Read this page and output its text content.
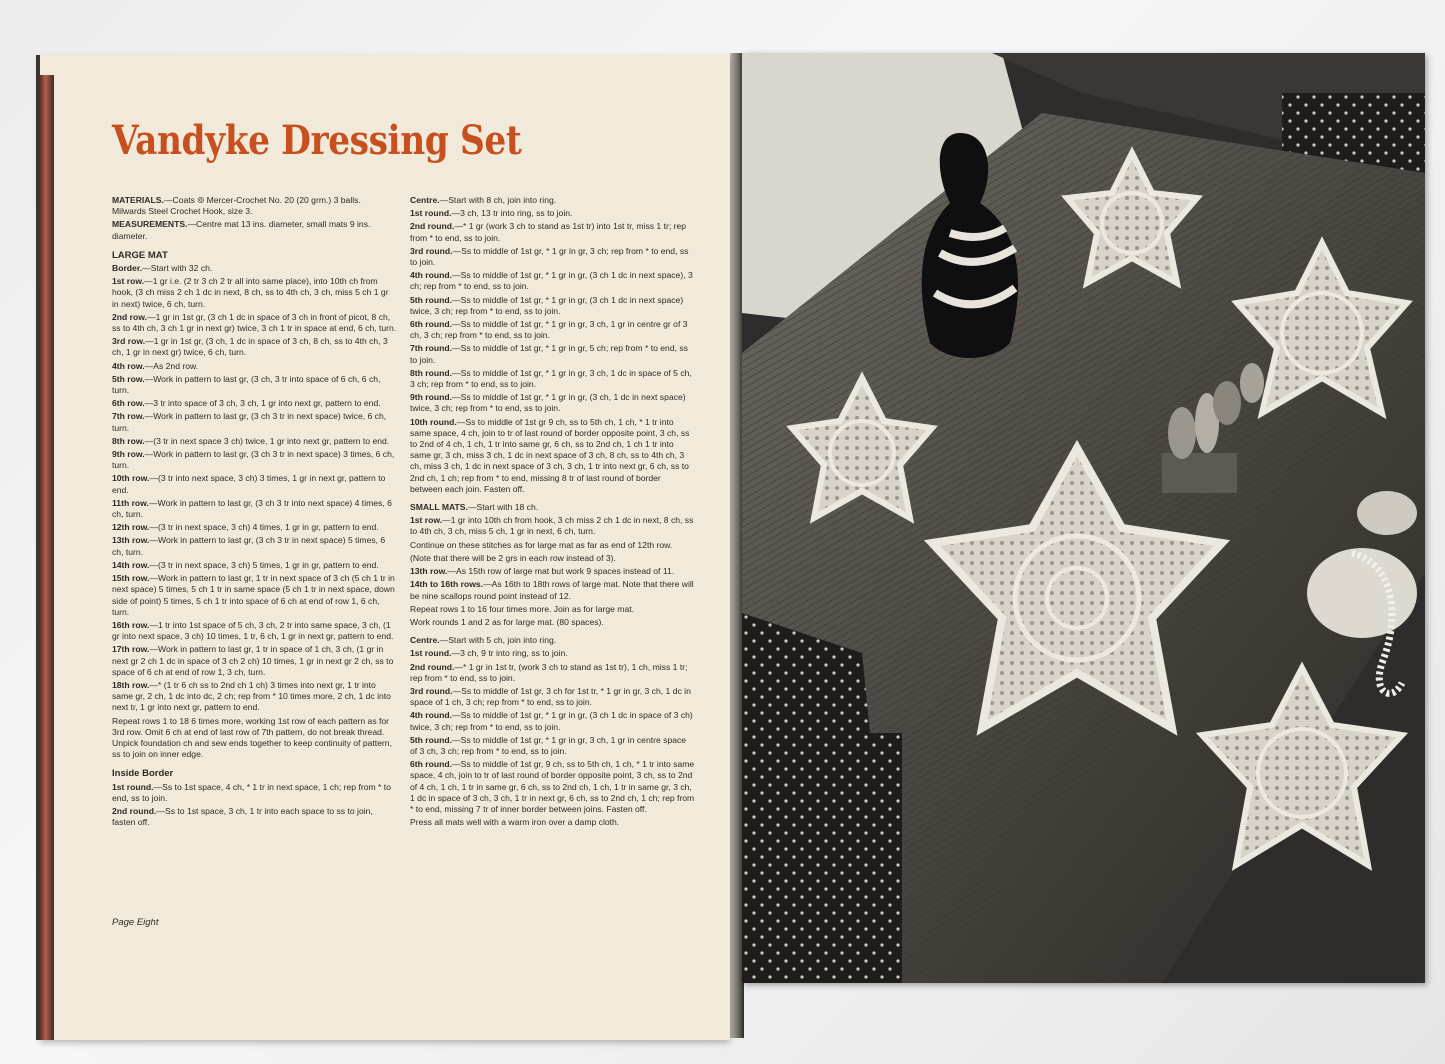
Vandyke Dressing Set

MATERIALS.—Coats ⦾ Mercer-Crochet No. 20 (20 grm.) 3 balls. Milwards Steel Crochet Hook, size 3.

MEASUREMENTS.—Centre mat 13 ins. diameter, small mats 9 ins. diameter.

LARGE MAT

Border.—Start with 32 ch.

1st row.—1 gr i.e. (2 tr 3 ch 2 tr all into same place), into 10th ch from hook, (3 ch miss 2 ch 1 dc in next, 8 ch, ss to 4th ch, 3 ch, miss 5 ch 1 gr in next) twice, 6 ch, turn.

2nd row.—1 gr in 1st gr, (3 ch 1 dc in space of 3 ch in front of picot, 8 ch, ss to 4th ch, 3 ch 1 gr in next gr) twice, 3 ch 1 tr in space at end, 6 ch, turn.

3rd row.—1 gr in 1st gr, (3 ch, 1 dc in space of 3 ch, 8 ch, ss to 4th ch, 3 ch, 1 gr in next gr) twice, 6 ch, turn.

4th row.—As 2nd row.

5th row.—Work in pattern to last gr, (3 ch, 3 tr into space of 6 ch, 6 ch, turn.

6th row.—3 tr into space of 3 ch, 3 ch, 1 gr into next gr, pattern to end.

7th row.—Work in pattern to last gr, (3 ch 3 tr in next space) twice, 6 ch, turn.

8th row.—(3 tr in next space 3 ch) twice, 1 gr into next gr, pattern to end.

9th row.—Work in pattern to last gr, (3 ch 3 tr in next space) 3 times, 6 ch, turn.

10th row.—(3 tr into next space, 3 ch) 3 times, 1 gr in next gr, pattern to end.

11th row.—Work in pattern to last gr, (3 ch 3 tr into next space) 4 times, 6 ch, turn.

12th row.—(3 tr in next space, 3 ch) 4 times, 1 gr in gr, pattern to end.

13th row.—Work in pattern to last gr, (3 ch 3 tr in next space) 5 times, 6 ch, turn.

14th row.—(3 tr in next space, 3 ch) 5 times, 1 gr in gr, pattern to end.

15th row.—Work in pattern to last gr, 1 tr in next space of 3 ch (5 ch 1 tr in next space) 5 times, 5 ch 1 tr in same space (5 ch 1 tr in next space, down side of point) 5 times, 5 ch 1 tr into space of 6 ch at end of row 1, 6 ch, turn.

16th row.—1 tr into 1st space of 5 ch, 3 ch, 2 tr into same space, 3 ch, (1 gr into next space, 3 ch) 10 times, 1 tr, 6 ch, 1 gr in next gr, pattern to end.

17th row.—Work in pattern to last gr, 1 tr in space of 1 ch, 3 ch, (1 gr in next gr 2 ch 1 dc in space of 3 ch 2 ch) 10 times, 1 gr in next gr 2 ch, ss to space of 6 ch at end of row 1, 3 ch, turn.

18th row.—* (1 tr 6 ch ss to 2nd ch 1 ch) 3 times into next gr, 1 tr into same gr, 2 ch, 1 dc into dc, 2 ch; rep from * 10 times more, 2 ch, 1 dc into next tr, 1 gr into next gr, pattern to end.

Repeat rows 1 to 18 6 times more, working 1st row of each pattern as for 3rd row. Omit 6 ch at end of last row of 7th pattern, do not break thread. Unpick foundation ch and sew ends together to keep continuity of pattern, ss to join on inner edge.

Inside Border

1st round.—Ss to 1st space, 4 ch, * 1 tr in next space, 1 ch; rep from * to end, ss to join.

2nd round.—Ss to 1st space, 3 ch, 1 tr into each space to ss to join, fasten off.

Centre.—Start with 8 ch, join into ring.

1st round.—3 ch, 13 tr into ring, ss to join.

2nd round.—* 1 gr (work 3 ch to stand as 1st tr) into 1st tr, miss 1 tr; rep from * to end, ss to join.

3rd round.—Ss to middle of 1st gr, * 1 gr in gr, 3 ch; rep from * to end, ss to join.

4th round.—Ss to middle of 1st gr, * 1 gr in gr, (3 ch 1 dc in next space), 3 ch; rep from * to end, ss to join.

5th round.—Ss to middle of 1st gr, * 1 gr in gr, (3 ch 1 dc in next space) twice, 3 ch; rep from * to end, ss to join.

6th round.—Ss to middle of 1st gr, * 1 gr in gr, 3 ch, 1 gr in centre gr of 3 ch, 3 ch; rep from * to end, ss to join.

7th round.—Ss to middle of 1st gr, * 1 gr in gr, 5 ch; rep from * to end, ss to join.

8th round.—Ss to middle of 1st gr, * 1 gr in gr, 3 ch, 1 dc in space of 5 ch, 3 ch; rep from * to end, ss to join.

9th round.—Ss to middle of 1st gr, * 1 gr in gr, (3 ch, 1 dc in next space) twice, 3 ch; rep from * to end, ss to join.

10th round.—Ss to middle of 1st gr 9 ch, ss to 5th ch, 1 ch, * 1 tr into same space, 4 ch, join to tr of last round of border opposite point, 3 ch, ss to 2nd of 4 ch, 1 ch, 1 tr into same gr, 6 ch, ss to 2nd ch, 1 ch 1 tr into same gr, 3 ch, miss 3 ch, 1 dc in next space of 3 ch, 8 ch, ss to 4th ch, 3 ch, miss 3 ch, 1 dc in next space of 3 ch, 3 ch, 1 tr into next gr, 6 ch, ss to 2nd ch, 1 ch; rep from * to end, missing 8 tr of last round of border between each join. Fasten off.

SMALL MATS.—Start with 18 ch.

1st row.—1 gr into 10th ch from hook, 3 ch miss 2 ch 1 dc in next, 8 ch, ss to 4th ch, 3 ch, miss 5 ch, 1 gr in next, 6 ch, turn.

Continue on these stitches as for large mat as far as end of 12th row.

(Note that there will be 2 grs in each row instead of 3).

13th row.—As 15th row of large mat but work 9 spaces instead of 11.

14th to 16th rows.—As 16th to 18th rows of large mat. Note that there will be nine scallops round point instead of 12.

Repeat rows 1 to 16 four times more. Join as for large mat.

Work rounds 1 and 2 as for large mat. (80 spaces).

Centre.—Start with 5 ch, join into ring.

1st round.—3 ch, 9 tr into ring, ss to join.

2nd round.—* 1 gr in 1st tr, (work 3 ch to stand as 1st tr), 1 ch, miss 1 tr; rep from * to end, ss to join.

3rd round.—Ss to middle of 1st gr, 3 ch for 1st tr, * 1 gr in gr, 3 ch, 1 dc in space of 1 ch, 3 ch; rep from * to end, ss to join.

4th round.—Ss to middle of 1st gr, * 1 gr in gr, (3 ch 1 dc in space of 3 ch) twice, 3 ch; rep from * to end, ss to join.

5th round.—Ss to middle of 1st gr, * 1 gr in gr, 3 ch, 1 gr in centre space of 3 ch, 3 ch; rep from * to end, ss to join.

6th round.—Ss to middle of 1st gr, 9 ch, ss to 5th ch, 1 ch, * 1 tr into same space, 4 ch, join to tr of last round of border opposite point, 3 ch, ss to 2nd of 4 ch, 1 ch, 1 tr in same gr, 6 ch, ss to 2nd ch, 1 ch, 1 tr in same gr, 3 ch, 1 dc in space of 3 ch, 3 ch, 1 tr in next gr, 6 ch, ss to 2nd ch, 1 ch; rep from * to end, missing 7 tr of inner border between joins. Fasten off.

Press all mats well with a warm iron over a damp cloth.

Page Eight
